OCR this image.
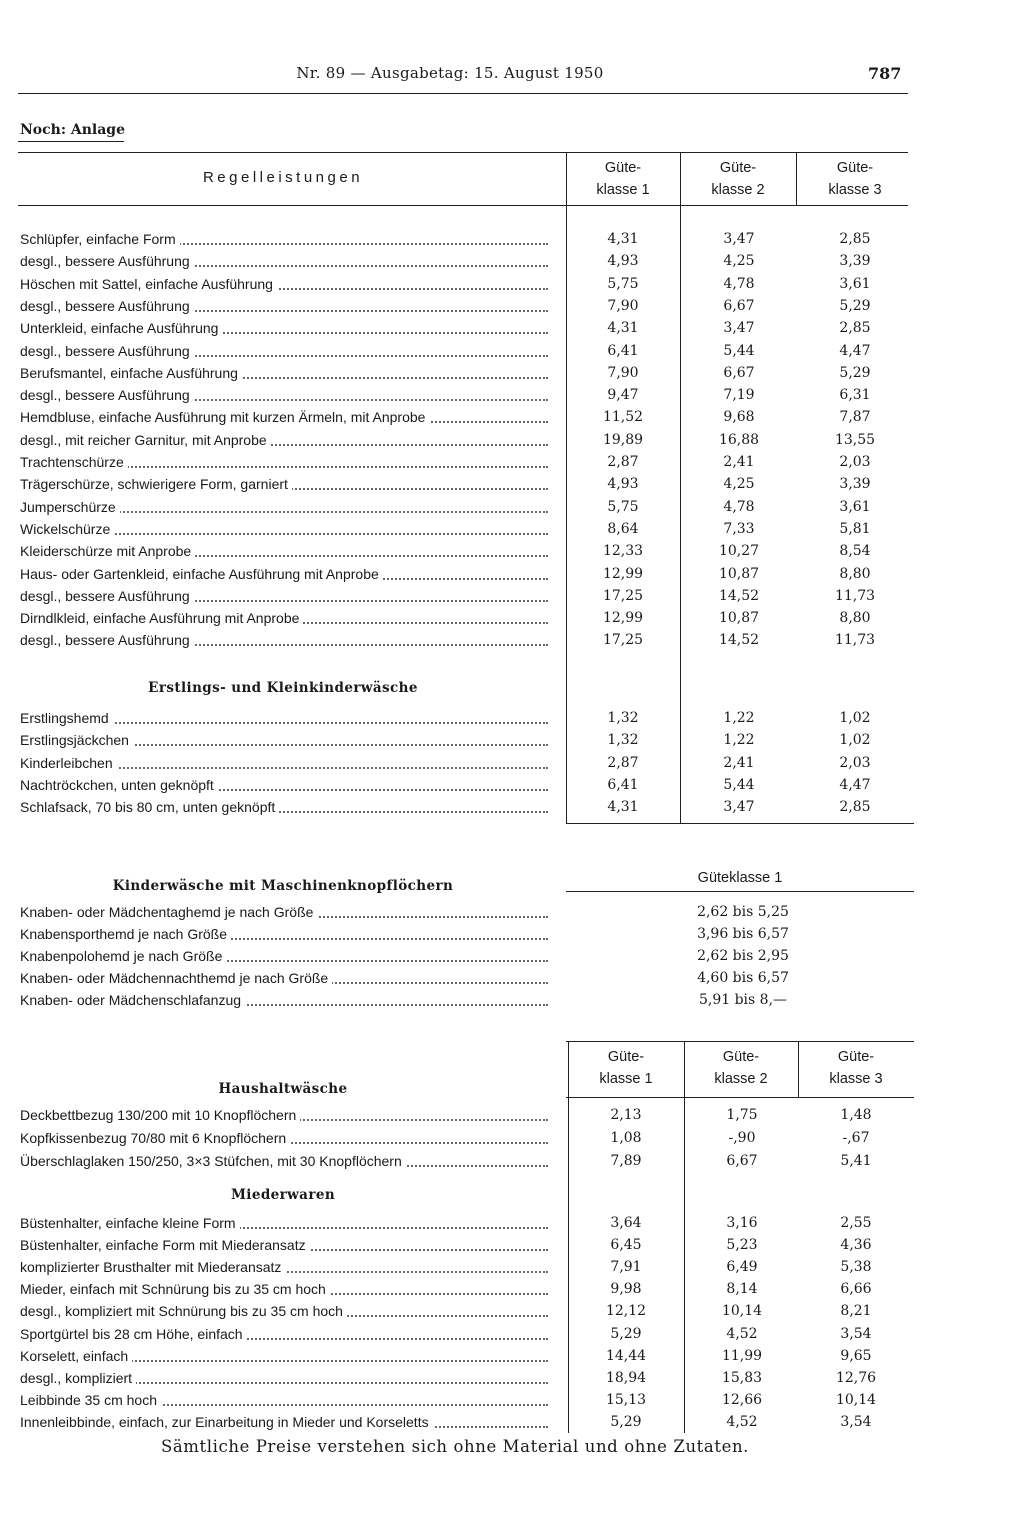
Nr. 89 — Ausgabetag: 15. August 1950	787
Noch: Anlage
Regelleistungen
Güte-
klasse 1
Güte-
klasse 2
Güte-
klasse 3
Schlüpfer, einfache Form	4,31	3,47	2,85
desgl., bessere Ausführung	4,93	4,25	3,39
Höschen mit Sattel, einfache Ausführung	5,75	4,78	3,61
desgl., bessere Ausführung	7,90	6,67	5,29
Unterkleid, einfache Ausführung	4,31	3,47	2,85
desgl., bessere Ausführung	6,41	5,44	4,47
Berufsmantel, einfache Ausführung	7,90	6,67	5,29
desgl., bessere Ausführung	9,47	7,19	6,31
Hemdbluse, einfache Ausführung mit kurzen Ärmeln, mit Anprobe	11,52	9,68	7,87
desgl., mit reicher Garnitur, mit Anprobe	19,89	16,88	13,55
Trachtenschürze	2,87	2,41	2,03
Trägerschürze, schwierigere Form, garniert	4,93	4,25	3,39
Jumperschürze	5,75	4,78	3,61
Wickelschürze	8,64	7,33	5,81
Kleiderschürze mit Anprobe	12,33	10,27	8,54
Haus- oder Gartenkleid, einfache Ausführung mit Anprobe	12,99	10,87	8,80
desgl., bessere Ausführung	17,25	14,52	11,73
Dirndlkleid, einfache Ausführung mit Anprobe	12,99	10,87	8,80
desgl., bessere Ausführung	17,25	14,52	11,73
Erstlings- und Kleinkinderwäsche
Erstlingshemd	1,32	1,22	1,02
Erstlingsjäckchen	1,32	1,22	1,02
Kinderleibchen	2,87	2,41	2,03
Nachtröckchen, unten geknöpft	6,41	5,44	4,47
Schlafsack, 70 bis 80 cm, unten geknöpft	4,31	3,47	2,85
Kinderwäsche mit Maschinenknopflöchern	Güteklasse 1
Knaben- oder Mädchentaghemd je nach Größe	2,62 bis 5,25
Knabensporthemd je nach Größe	3,96 bis 6,57
Knabenpolohemd je nach Größe	2,62 bis 2,95
Knaben- oder Mädchennachthemd je nach Größe	4,60 bis 6,57
Knaben- oder Mädchenschlafanzug	5,91 bis 8,—
Güte-
klasse 1
Güte-
klasse 2
Güte-
klasse 3
Haushaltwäsche
Deckbettbezug 130/200 mit 10 Knopflöchern	2,13	1,75	1,48
Kopfkissenbezug 70/80 mit 6 Knopflöchern	1,08	-,90	-,67
Überschlaglaken 150/250, 3×3 Stüfchen, mit 30 Knopflöchern	7,89	6,67	5,41
Miederwaren
Büstenhalter, einfache kleine Form	3,64	3,16	2,55
Büstenhalter, einfache Form mit Miederansatz	6,45	5,23	4,36
komplizierter Brusthalter mit Miederansatz	7,91	6,49	5,38
Mieder, einfach mit Schnürung bis zu 35 cm hoch	9,98	8,14	6,66
desgl., kompliziert mit Schnürung bis zu 35 cm hoch	12,12	10,14	8,21
Sportgürtel bis 28 cm Höhe, einfach	5,29	4,52	3,54
Korselett, einfach	14,44	11,99	9,65
desgl., kompliziert	18,94	15,83	12,76
Leibbinde 35 cm hoch	15,13	12,66	10,14
Innenleibbinde, einfach, zur Einarbeitung in Mieder und Korseletts	5,29	4,52	3,54
Sämtliche Preise verstehen sich ohne Material und ohne Zutaten.
